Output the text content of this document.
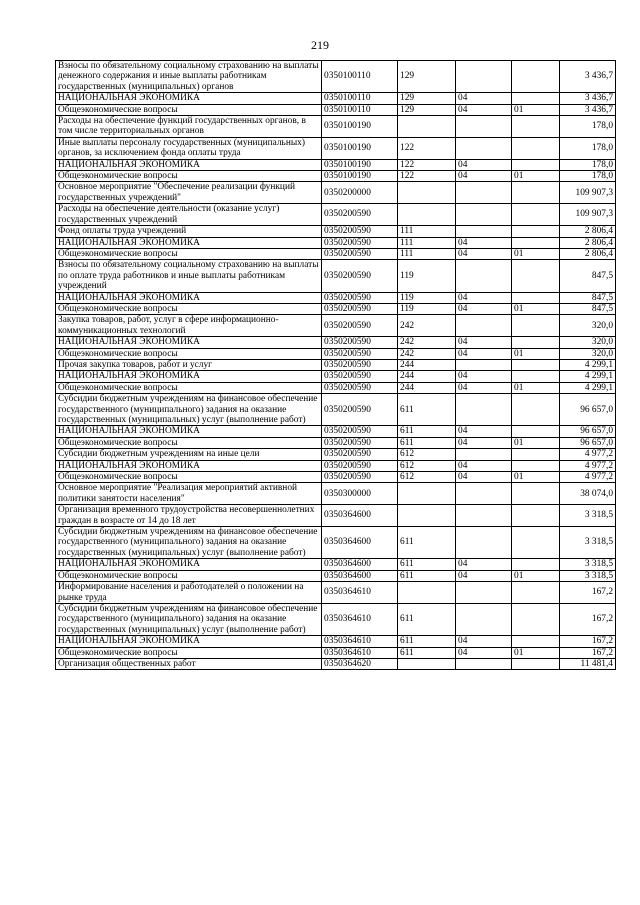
219
Взносы по обязательному социальному страхованию на выплаты денежного содержания и иные выплаты работникам государственных (муниципальных) органов	0350100110	129			3 436,7
НАЦИОНАЛЬНАЯ ЭКОНОМИКА	0350100110	129	04		3 436,7
Общеэкономические вопросы	0350100110	129	04	01	3 436,7
Расходы на обеспечение функций государственных органов, в том числе территориальных органов	0350100190				178,0
Иные выплаты персоналу государственных (муниципальных) органов, за исключением фонда оплаты труда	0350100190	122			178,0
НАЦИОНАЛЬНАЯ ЭКОНОМИКА	0350100190	122	04		178,0
Общеэкономические вопросы	0350100190	122	04	01	178,0
Основное мероприятие "Обеспечение реализации функций государственных учреждений"	0350200000				109 907,3
Расходы на обеспечение деятельности (оказание услуг) государственных учреждений	0350200590				109 907,3
Фонд оплаты труда учреждений	0350200590	111			2 806,4
НАЦИОНАЛЬНАЯ ЭКОНОМИКА	0350200590	111	04		2 806,4
Общеэкономические вопросы	0350200590	111	04	01	2 806,4
Взносы по обязательному социальному страхованию на выплаты по оплате труда работников и иные выплаты работникам учреждений	0350200590	119			847,5
НАЦИОНАЛЬНАЯ ЭКОНОМИКА	0350200590	119	04		847,5
Общеэкономические вопросы	0350200590	119	04	01	847,5
Закупка товаров, работ, услуг в сфере информационно-коммуникационных технологий	0350200590	242			320,0
НАЦИОНАЛЬНАЯ ЭКОНОМИКА	0350200590	242	04		320,0
Общеэкономические вопросы	0350200590	242	04	01	320,0
Прочая закупка товаров, работ и услуг	0350200590	244			4 299,1
НАЦИОНАЛЬНАЯ ЭКОНОМИКА	0350200590	244	04		4 299,1
Общеэкономические вопросы	0350200590	244	04	01	4 299,1
Субсидии бюджетным учреждениям на финансовое обеспечение государственного (муниципального) задания на оказание государственных (муниципальных) услуг (выполнение работ)	0350200590	611			96 657,0
НАЦИОНАЛЬНАЯ ЭКОНОМИКА	0350200590	611	04		96 657,0
Общеэкономические вопросы	0350200590	611	04	01	96 657,0
Субсидии бюджетным учреждениям на иные цели	0350200590	612			4 977,2
НАЦИОНАЛЬНАЯ ЭКОНОМИКА	0350200590	612	04		4 977,2
Общеэкономические вопросы	0350200590	612	04	01	4 977,2
Основное мероприятие "Реализация мероприятий активной политики занятости населения"	0350300000				38 074,0
Организация временного трудоустройства несовершеннолетних граждан в возрасте от 14 до 18 лет	0350364600				3 318,5
Субсидии бюджетным учреждениям на финансовое обеспечение государственного (муниципального) задания на оказание государственных (муниципальных) услуг (выполнение работ)	0350364600	611			3 318,5
НАЦИОНАЛЬНАЯ ЭКОНОМИКА	0350364600	611	04		3 318,5
Общеэкономические вопросы	0350364600	611	04	01	3 318,5
Информирование населения и работодателей о положении на рынке труда	0350364610				167,2
Субсидии бюджетным учреждениям на финансовое обеспечение государственного (муниципального) задания на оказание государственных (муниципальных) услуг (выполнение работ)	0350364610	611			167,2
НАЦИОНАЛЬНАЯ ЭКОНОМИКА	0350364610	611	04		167,2
Общеэкономические вопросы	0350364610	611	04	01	167,2
Организация общественных работ	0350364620				11 481,4
